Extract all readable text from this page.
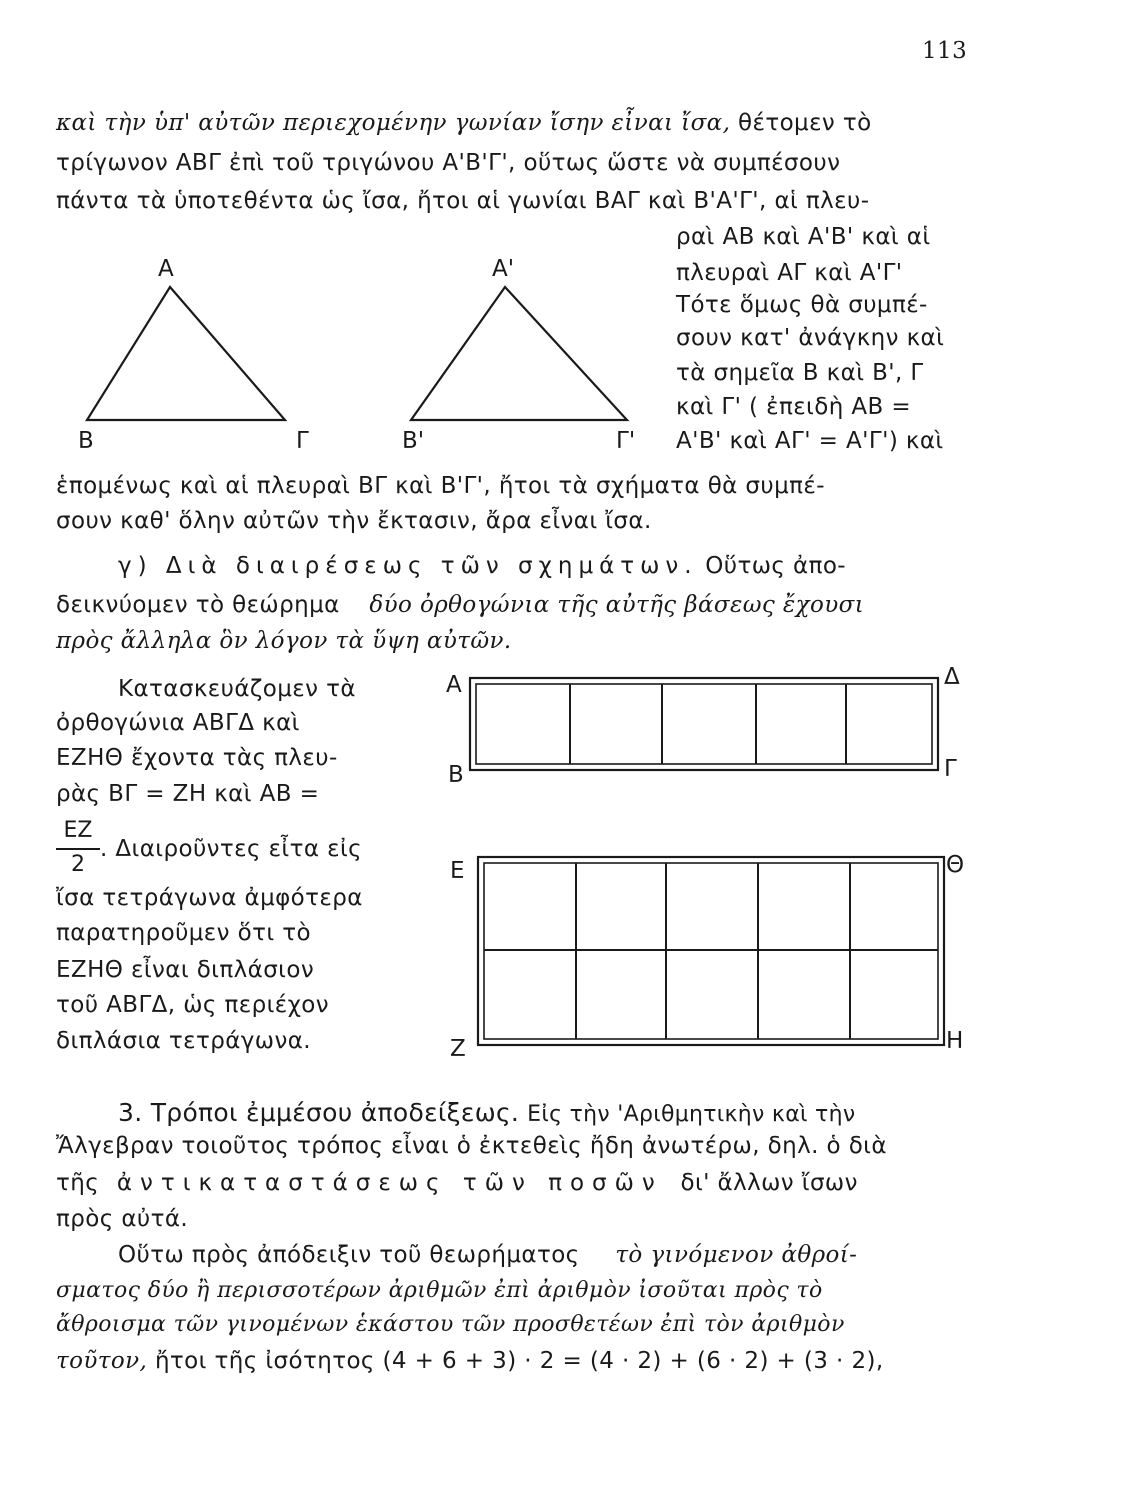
113
καὶ τὴν ὑπ' αὐτῶν περιεχομένην γωνίαν ἴσην εἶναι ἴσα, θέτομεν τὸ
τρίγωνον ΑΒΓ ἐπὶ τοῦ τριγώνου Α'Β'Γ', οὕτως ὥστε νὰ συμπέσουν
πάντα τὰ ὑποτεθέντα ὡς ἴσα, ἤτοι αἱ γωνίαι ΒΑΓ καὶ Β'Α'Γ', αἱ πλευ-
ραὶ ΑΒ καὶ Α'Β' καὶ αἱ
πλευραὶ ΑΓ καὶ Α'Γ'
Τότε ὅμως θὰ συμπέ-
σουν κατ' ἀνάγκην καὶ
τὰ σημεῖα Β καὶ Β', Γ
καὶ Γ' ( ἐπειδὴ ΑΒ =
Α'Β' καὶ ΑΓ' = Α'Γ') καὶ
Α
Β	Γ
Α'
Β'	Γ'
ἑπομένως καὶ αἱ πλευραὶ ΒΓ καὶ Β'Γ', ἤτοι τὰ σχήματα θὰ συμπέ-
σουν καθ' ὅλην αὐτῶν τὴν ἔκτασιν, ἄρα εἶναι ἴσα.
γ) Διὰ διαιρέσεως τῶν σχημάτων. Οὕτως ἀπο-
δεικνύομεν τὸ θεώρημα δύο ὀρθογώνια τῆς αὐτῆς βάσεως ἔχουσι
πρὸς ἄλληλα ὃν λόγον τὰ ὕψη αὐτῶν.
Κατασκευάζομεν τὰ
ὀρθογώνια ΑΒΓΔ καὶ
ΕΖΗΘ ἔχοντα τὰς πλευ-
ρὰς ΒΓ = ΖΗ καὶ ΑΒ =
ΕΖ
2
. Διαιροῦντες εἶτα εἰς
ἴσα τετράγωνα ἀμφότερα
παρατηροῦμεν ὅτι τὸ
ΕΖΗΘ εἶναι διπλάσιον
τοῦ ΑΒΓΔ, ὡς περιέχον
διπλάσια τετράγωνα.
Α	Δ
Β	Γ
Ε	Θ
Ζ	Η
3. Τρόποι ἐμμέσου ἀποδείξεως. Εἰς τὴν 'Αριθμητικὴν καὶ τὴν
Ἄλγεβραν τοιοῦτος τρόπος εἶναι ὁ ἐκτεθεὶς ἤδη ἀνωτέρω, δηλ. ὁ διὰ
τῆς ἀντικαταστάσεως τῶν ποσῶν δι' ἄλλων ἴσων
πρὸς αὐτά.
Οὕτω πρὸς ἀπόδειξιν τοῦ θεωρήματος τὸ γινόμενον ἀθροί-
σματος δύο ἢ περισσοτέρων ἀριθμῶν ἐπὶ ἀριθμὸν ἰσοῦται πρὸς τὸ
ἄθροισμα τῶν γινομένων ἑκάστου τῶν προσθετέων ἐπὶ τὸν ἀριθμὸν
τοῦτον, ἤτοι τῆς ἰσότητος (4 + 6 + 3) · 2 = (4 · 2) + (6 · 2) + (3 · 2),
